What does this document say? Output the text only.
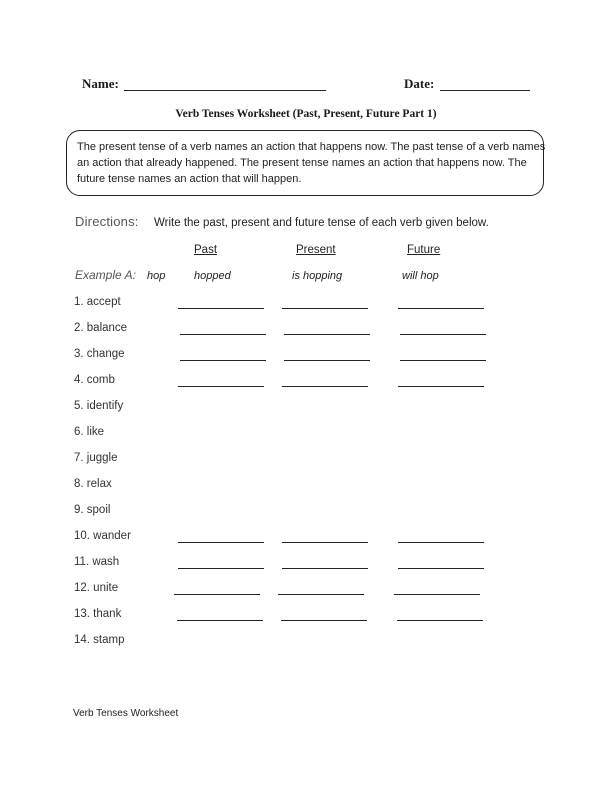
Name:	Date:
Verb Tenses Worksheet (Past, Present, Future Part 1)
The present tense of a verb names an action that happens now. The past tense of a verb names
an action that already happened. The present tense names an action that happens now. The
future tense names an action that will happen.
Directions: Write the past, present and future tense of each verb given below.
Past	Present	Future
Example A: hop	hopped	is hopping	will hop
1. accept
2. balance
3. change
4. comb
5. identify
6. like
7. juggle
8. relax
9. spoil
10. wander
11. wash
12. unite
13. thank
14. stamp
Verb Tenses Worksheet
